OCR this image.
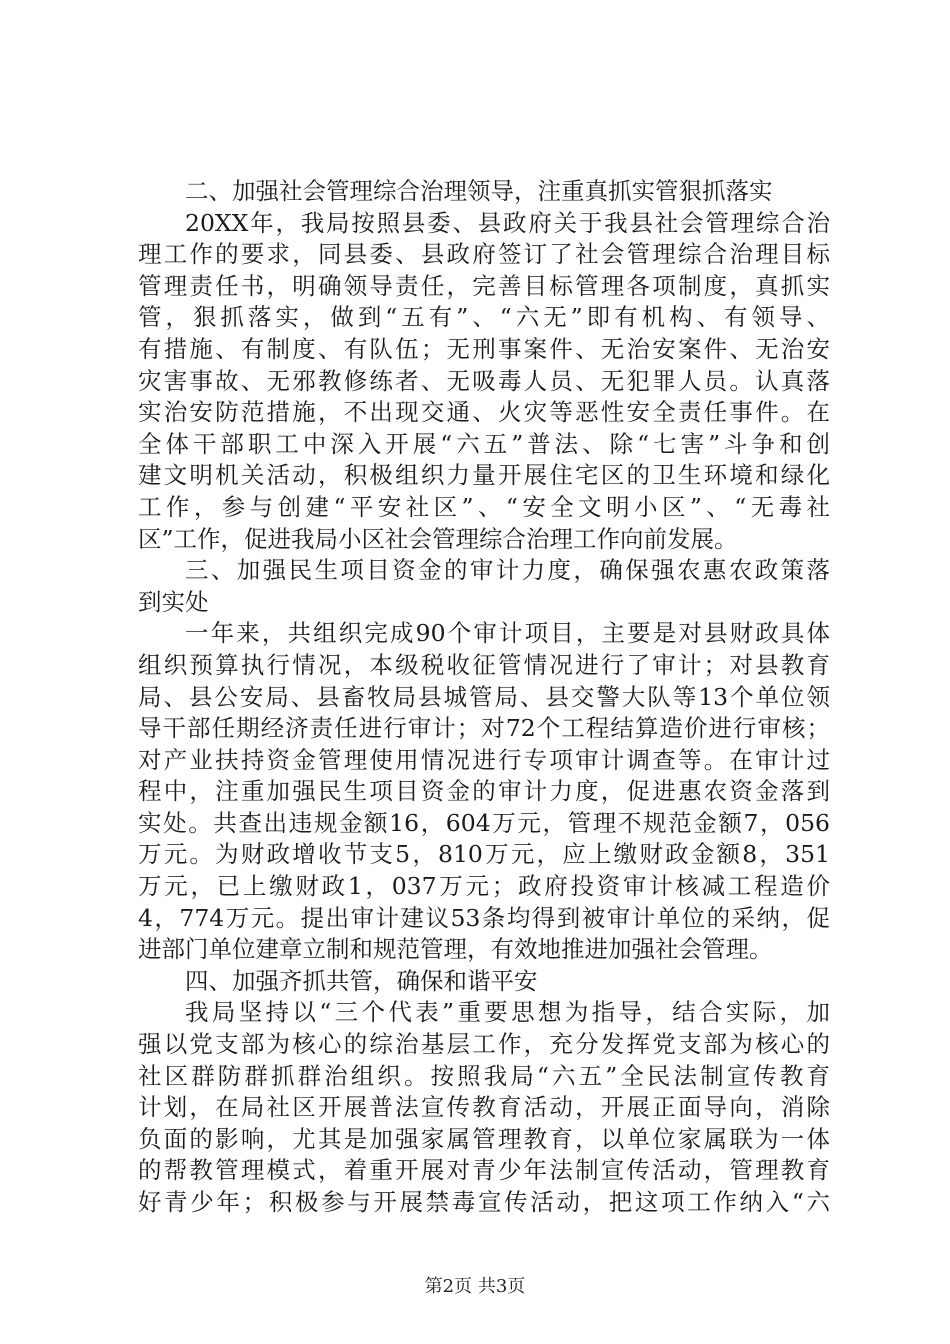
二、加强社会管理综合治理领导，注重真抓实管狠抓落实
20XX年，我局按照县委、县政府关于我县社会管理综合治
理工作的要求，同县委、县政府签订了社会管理综合治理目标
管理责任书，明确领导责任，完善目标管理各项制度，真抓实
管，狠抓落实，做到“五有”、“六无”即有机构、有领导、
有措施、有制度、有队伍；无刑事案件、无治安案件、无治安
灾害事故、无邪教修练者、无吸毒人员、无犯罪人员。认真落
实治安防范措施，不出现交通、火灾等恶性安全责任事件。在
全体干部职工中深入开展“六五”普法、除“七害”斗争和创
建文明机关活动，积极组织力量开展住宅区的卫生环境和绿化
工作，参与创建“平安社区”、“安全文明小区”、“无毒社
区”工作，促进我局小区社会管理综合治理工作向前发展。
三、加强民生项目资金的审计力度，确保强农惠农政策落
到实处
一年来，共组织完成90个审计项目，主要是对县财政具体
组织预算执行情况，本级税收征管情况进行了审计；对县教育
局、县公安局、县畜牧局县城管局、县交警大队等13个单位领
导干部任期经济责任进行审计；对72个工程结算造价进行审核；
对产业扶持资金管理使用情况进行专项审计调查等。在审计过
程中，注重加强民生项目资金的审计力度，促进惠农资金落到
实处。共查出违规金额16，604万元，管理不规范金额7，056
万元。为财政增收节支5，810万元，应上缴财政金额8，351
万元，已上缴财政1，037万元；政府投资审计核减工程造价
4，774万元。提出审计建议53条均得到被审计单位的采纳，促
进部门单位建章立制和规范管理，有效地推进加强社会管理。
四、加强齐抓共管，确保和谐平安
我局坚持以“三个代表”重要思想为指导，结合实际，加
强以党支部为核心的综治基层工作，充分发挥党支部为核心的
社区群防群抓群治组织。按照我局“六五”全民法制宣传教育
计划，在局社区开展普法宣传教育活动，开展正面导向，消除
负面的影响，尤其是加强家属管理教育，以单位家属联为一体
的帮教管理模式，着重开展对青少年法制宣传活动，管理教育
好青少年；积极参与开展禁毒宣传活动，把这项工作纳入“六
第2页 共3页
